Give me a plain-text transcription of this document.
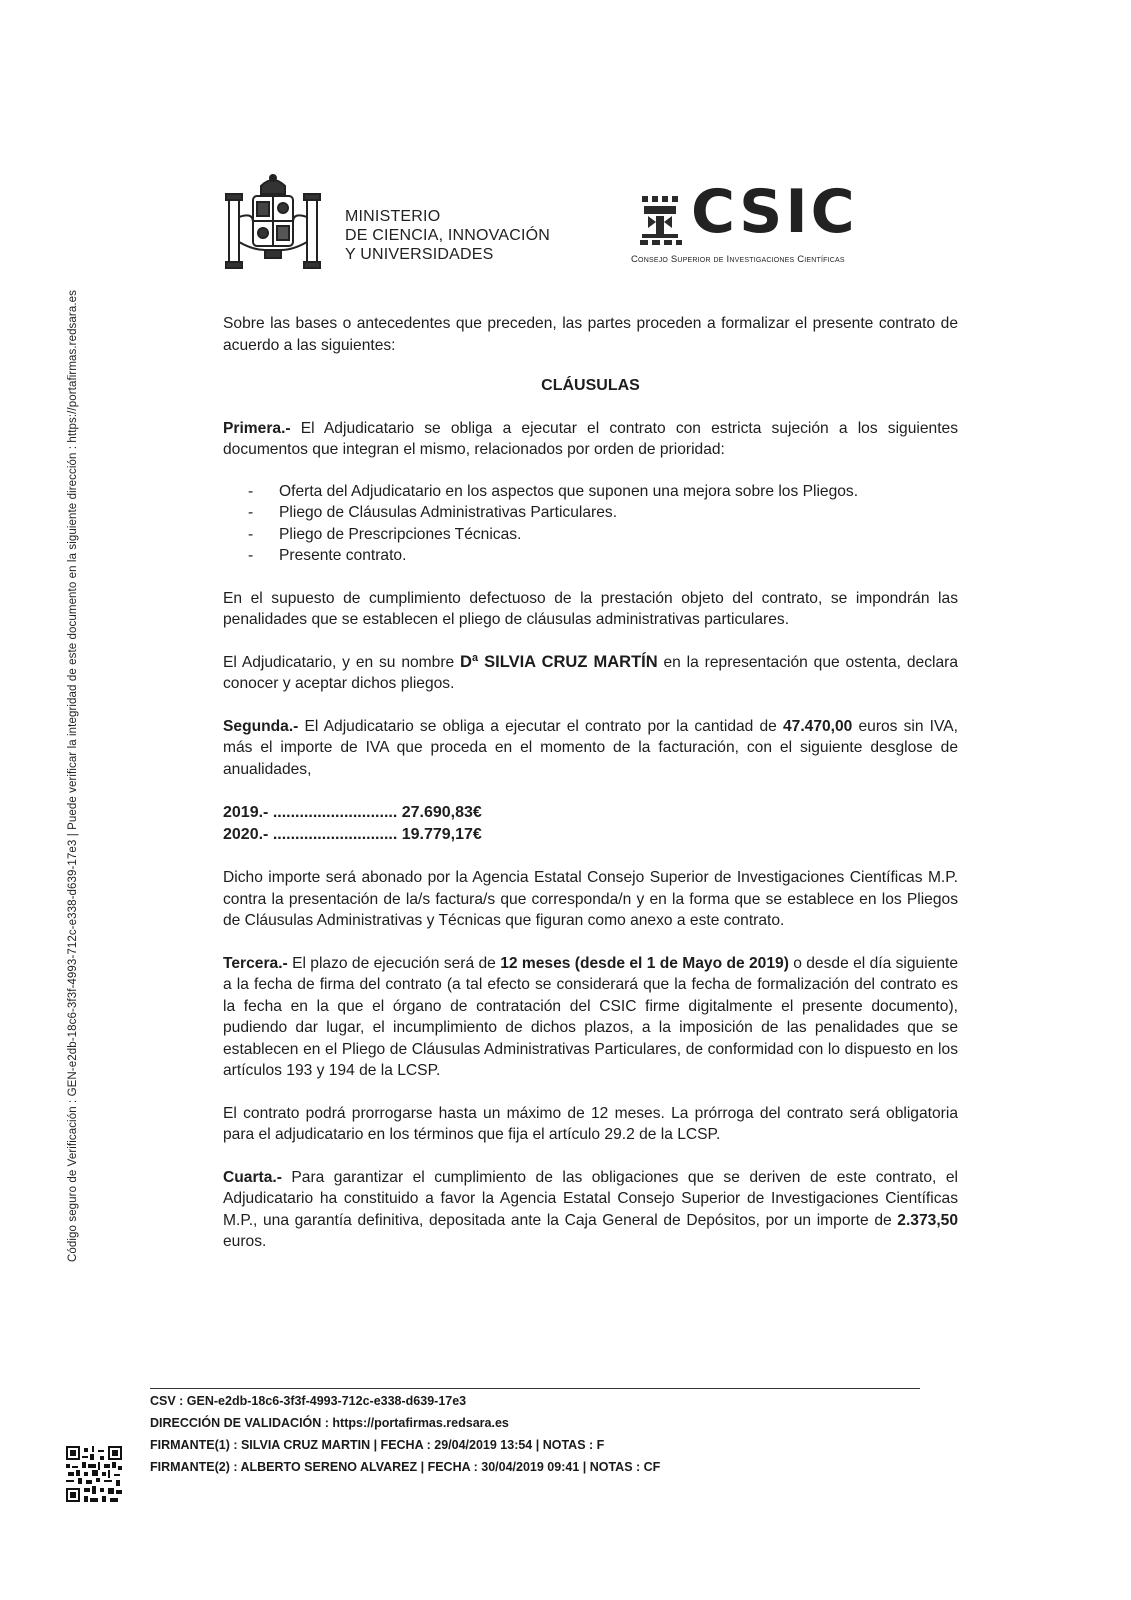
Código seguro de Verificación : GEN-e2db-18c6-3f3f-4993-712c-e338-d639-17e3 | Puede verificar la integridad de este documento en la siguiente dirección : https://portafirmas.redsara.es
MINISTERIO
DE CIENCIA, INNOVACIÓN
Y UNIVERSIDADES
CSIC
Consejo Superior de Investigaciones Científicas

Sobre las bases o antecedentes que preceden, las partes proceden a formalizar el presente contrato de acuerdo a las siguientes:

CLÁUSULAS

Primera.- El Adjudicatario se obliga a ejecutar el contrato con estricta sujeción a los siguientes documentos que integran el mismo, relacionados por orden de prioridad:

- Oferta del Adjudicatario en los aspectos que suponen una mejora sobre los Pliegos.
- Pliego de Cláusulas Administrativas Particulares.
- Pliego de Prescripciones Técnicas.
- Presente contrato.

En el supuesto de cumplimiento defectuoso de la prestación objeto del contrato, se impondrán las penalidades que se establecen el pliego de cláusulas administrativas particulares.

El Adjudicatario, y en su nombre Dª SILVIA CRUZ MARTÍN en la representación que ostenta, declara conocer y aceptar dichos pliegos.

Segunda.- El Adjudicatario se obliga a ejecutar el contrato por la cantidad de 47.470,00 euros sin IVA, más el importe de IVA que proceda en el momento de la facturación, con el siguiente desglose de anualidades,

2019.- ............................ 27.690,83€
2020.- ............................ 19.779,17€

Dicho importe será abonado por la Agencia Estatal Consejo Superior de Investigaciones Científicas M.P. contra la presentación de la/s factura/s que corresponda/n y en la forma que se establece en los Pliegos de Cláusulas Administrativas y Técnicas que figuran como anexo a este contrato.

Tercera.- El plazo de ejecución será de 12 meses (desde el 1 de Mayo de 2019) o desde el día siguiente a la fecha de firma del contrato (a tal efecto se considerará que la fecha de formalización del contrato es la fecha en la que el órgano de contratación del CSIC firme digitalmente el presente documento), pudiendo dar lugar, el incumplimiento de dichos plazos, a la imposición de las penalidades que se establecen en el Pliego de Cláusulas Administrativas Particulares, de conformidad con lo dispuesto en los artículos 193 y 194 de la LCSP.

El contrato podrá prorrogarse hasta un máximo de 12 meses. La prórroga del contrato será obligatoria para el adjudicatario en los términos que fija el artículo 29.2 de la LCSP.

Cuarta.- Para garantizar el cumplimiento de las obligaciones que se deriven de este contrato, el Adjudicatario ha constituido a favor la Agencia Estatal Consejo Superior de Investigaciones Científicas M.P., una garantía definitiva, depositada ante la Caja General de Depósitos, por un importe de 2.373,50 euros.

CSV : GEN-e2db-18c6-3f3f-4993-712c-e338-d639-17e3
DIRECCIÓN DE VALIDACIÓN : https://portafirmas.redsara.es
FIRMANTE(1) : SILVIA CRUZ MARTIN | FECHA : 29/04/2019 13:54 | NOTAS : F
FIRMANTE(2) : ALBERTO SERENO ALVAREZ | FECHA : 30/04/2019 09:41 | NOTAS : CF
